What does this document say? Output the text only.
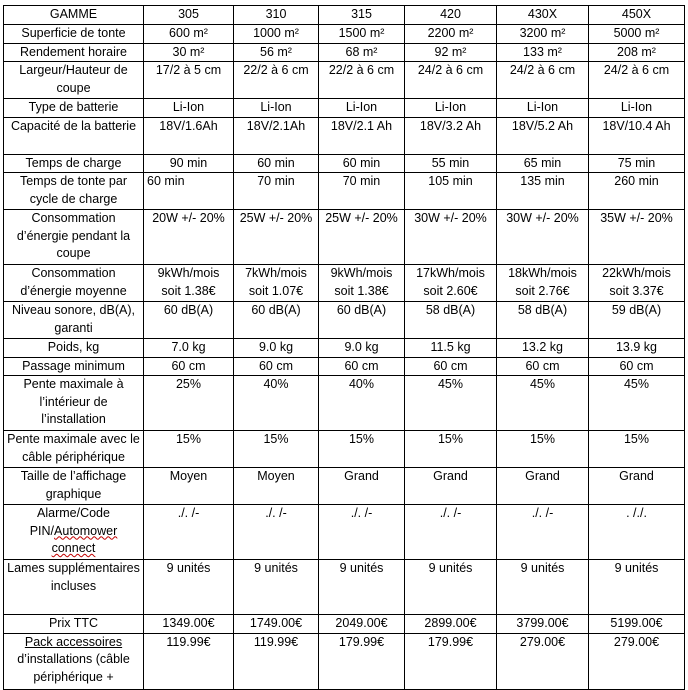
GAMME	305	310	315	420	430X	450X
Superficie de tonte	600 m²	1000 m²	1500 m²	2200 m²	3200 m²	5000 m²
Rendement horaire	30 m²	56 m²	68 m²	92 m²	133 m²	208 m²
Largeur/Hauteur de coupe	17/2 à 5 cm	22/2 à 6 cm	22/2 à 6 cm	24/2 à 6 cm	24/2 à 6 cm	24/2 à 6 cm
Type de batterie	Li-Ion	Li-Ion	Li-Ion	Li-Ion	Li-Ion	Li-Ion
Capacité de la batterie	18V/1.6Ah	18V/2.1Ah	18V/2.1 Ah	18V/3.2 Ah	18V/5.2 Ah	18V/10.4 Ah
Temps de charge	90 min	60 min	60 min	55 min	65 min	75 min
Temps de tonte par cycle de charge	60 min	70 min	70 min	105 min	135 min	260 min
Consommation d’énergie pendant la coupe	20W +/- 20%	25W +/- 20%	25W +/- 20%	30W +/- 20%	30W +/- 20%	35W +/- 20%
Consommation d’énergie moyenne	9kWh/mois soit 1.38€	7kWh/mois soit 1.07€	9kWh/mois soit 1.38€	17kWh/mois soit 2.60€	18kWh/mois soit 2.76€	22kWh/mois soit 3.37€
Niveau sonore, dB(A), garanti	60 dB(A)	60 dB(A)	60 dB(A)	58 dB(A)	58 dB(A)	59 dB(A)
Poids, kg	7.0 kg	9.0 kg	9.0 kg	11.5 kg	13.2 kg	13.9 kg
Passage minimum	60 cm	60 cm	60 cm	60 cm	60 cm	60 cm
Pente maximale à l’intérieur de l’installation	25%	40%	40%	45%	45%	45%
Pente maximale avec le câble périphérique	15%	15%	15%	15%	15%	15%
Taille de l’affichage graphique	Moyen	Moyen	Grand	Grand	Grand	Grand
Alarme/Code
PIN/Automower
connect	./. /-	./. /-	./. /-	./. /-	./. /-	. /./.
Lames supplémentaires incluses	9 unités	9 unités	9 unités	9 unités	9 unités	9 unités
Prix TTC	1349.00€	1749.00€	2049.00€	2899.00€	3799.00€	5199.00€
Pack accessoires
d’installations (câble
périphérique +	119.99€	119.99€	179.99€	179.99€	279.00€	279.00€
